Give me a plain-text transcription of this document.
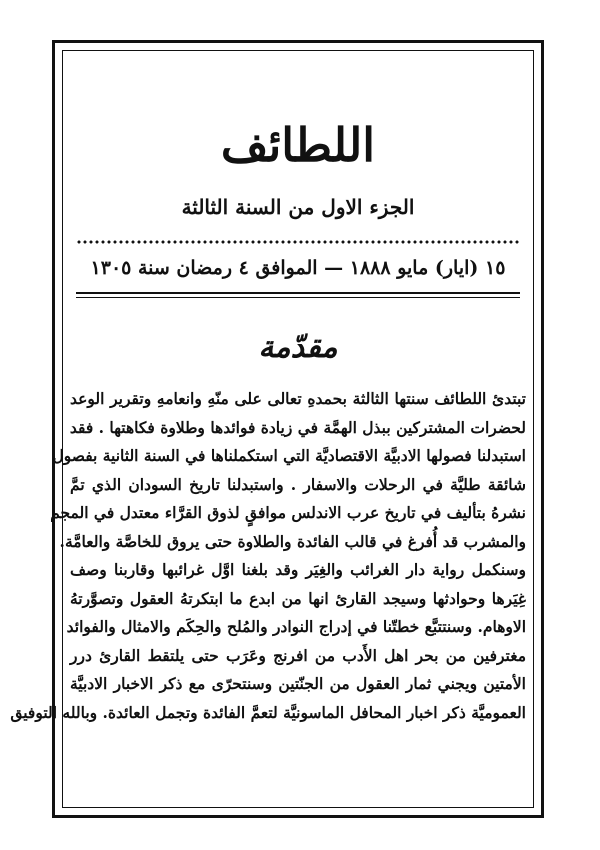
اللطائف
الجزء الاول من السنة الثالثة
١٥ (ايار) مايو ١٨٨٨ — الموافق ٤ رمضان سنة ١٣٠٥
مقدّمة
تبتدئ اللطائف سنتها الثالثة بحمدهِ تعالى على منّهِ وانعامهِ وتقرير الوعد
لحضرات المشتركين ببذل الهمَّة في زيادة فوائدها وطلاوة فكاهتها . فقد
استبدلنا فصولها الادبيَّة الاقتصاديَّة التي استكملناها في السنة الثانية بفصول
شائقة طليَّة في الرحلات والاسفار . واستبدلنا تاريخ السودان الذي تمَّ
نشرهُ بتأليف في تاريخ عرب الاندلس موافقٍ لذوق القرَّاء معتدل في المجم
والمشرب قد أُفرغ في قالب الفائدة والطلاوة حتى يروق للخاصَّة والعامَّة.
وسنكمل رواية دار الغرائب والغِيَر وقد بلغنا اوَّل غرائبها وقاربنا وصف
غِيَرها وحوادثها وسيجد القارئ انها من ابدع ما ابتكرتهُ العقول وتصوَّرتهُ
الاوهام. وسنتتبَّع خطتّنا في إدراج النوادر والمُلح والحِكَم والامثال والفوائد
مغترفين من بحر اهل الأَدب من افرنج وعَرَب حتى يلتقط القارئ درر
الأمتين ويجني ثمار العقول من الجنّتين وسنتحرّى مع ذكر الاخبار الادبيَّة
العموميَّة ذكر اخبار المحافل الماسونيَّة لتعمَّ الفائدة وتجمل العائدة. وبالله التوفيق
